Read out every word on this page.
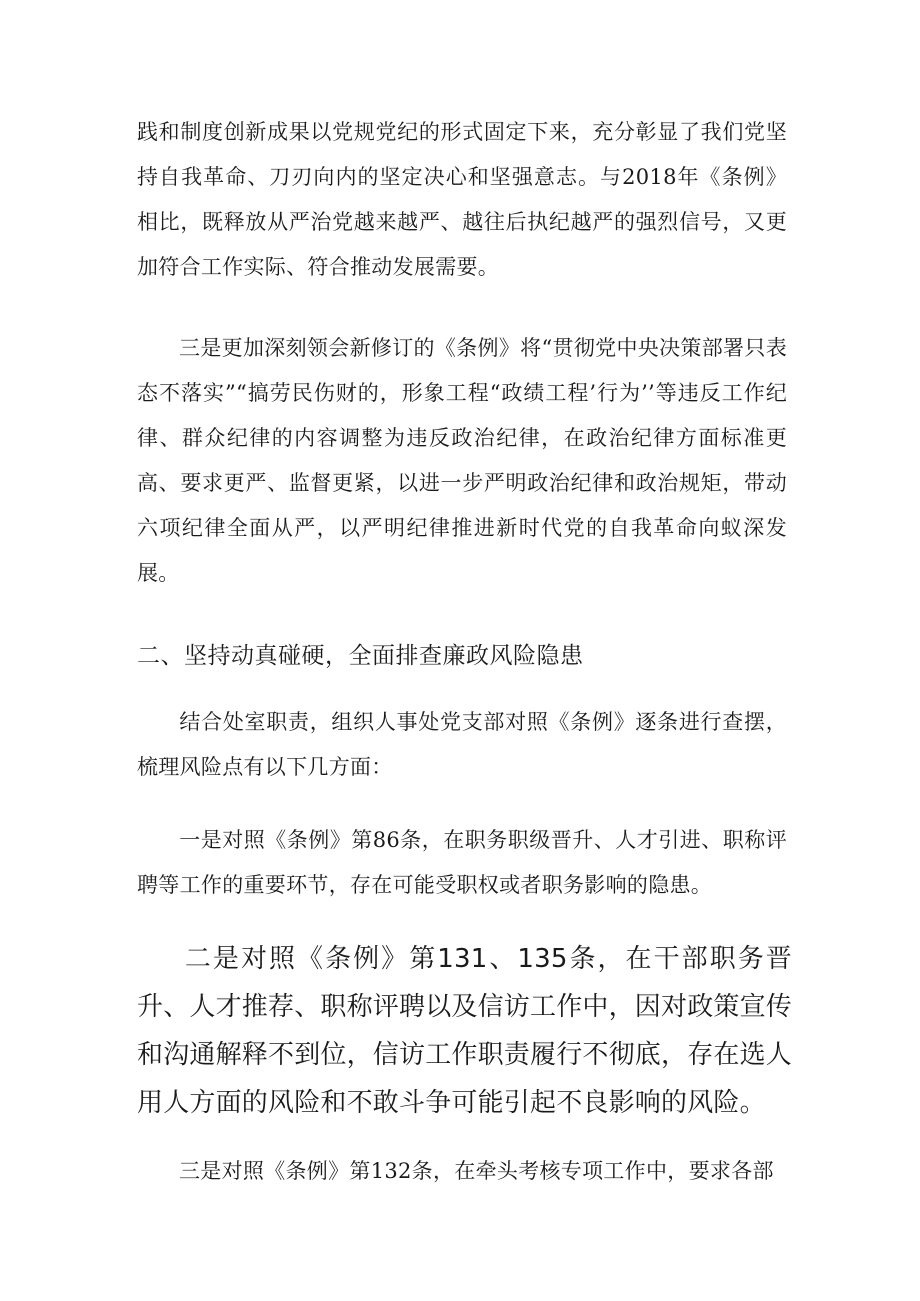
践和制度创新成果以党规党纪的形式固定下来，充分彰显了我们党坚持自我革命、刀刃向内的坚定决心和坚强意志。与2018年《条例》相比，既释放从严治党越来越严、越往后执纪越严的强烈信号，又更加符合工作实际、符合推动发展需要。

三是更加深刻领会新修订的《条例》将“贯彻党中央决策部署只表态不落实”“搞劳民伤财的，形象工程“政绩工程’行为’’等违反工作纪律、群众纪律的内容调整为违反政治纪律，在政治纪律方面标准更高、要求更严、监督更紧，以进一步严明政治纪律和政治规矩，带动六项纪律全面从严，以严明纪律推进新时代党的自我革命向蚁深发展。

二、坚持动真碰硬，全面排查廉政风险隐患

结合处室职责，组织人事处党支部对照《条例》逐条进行查摆，梳理风险点有以下几方面：

一是对照《条例》第86条，在职务职级晋升、人才引进、职称评聘等工作的重要环节，存在可能受职权或者职务影响的隐患。

二是对照《条例》第131、135条，在干部职务晋升、人才推荐、职称评聘以及信访工作中，因对政策宣传和沟通解释不到位，信访工作职责履行不彻底，存在选人用人方面的风险和不敢斗争可能引起不良影响的风险。

三是对照《条例》第132条，在牵头考核专项工作中，要求各部
